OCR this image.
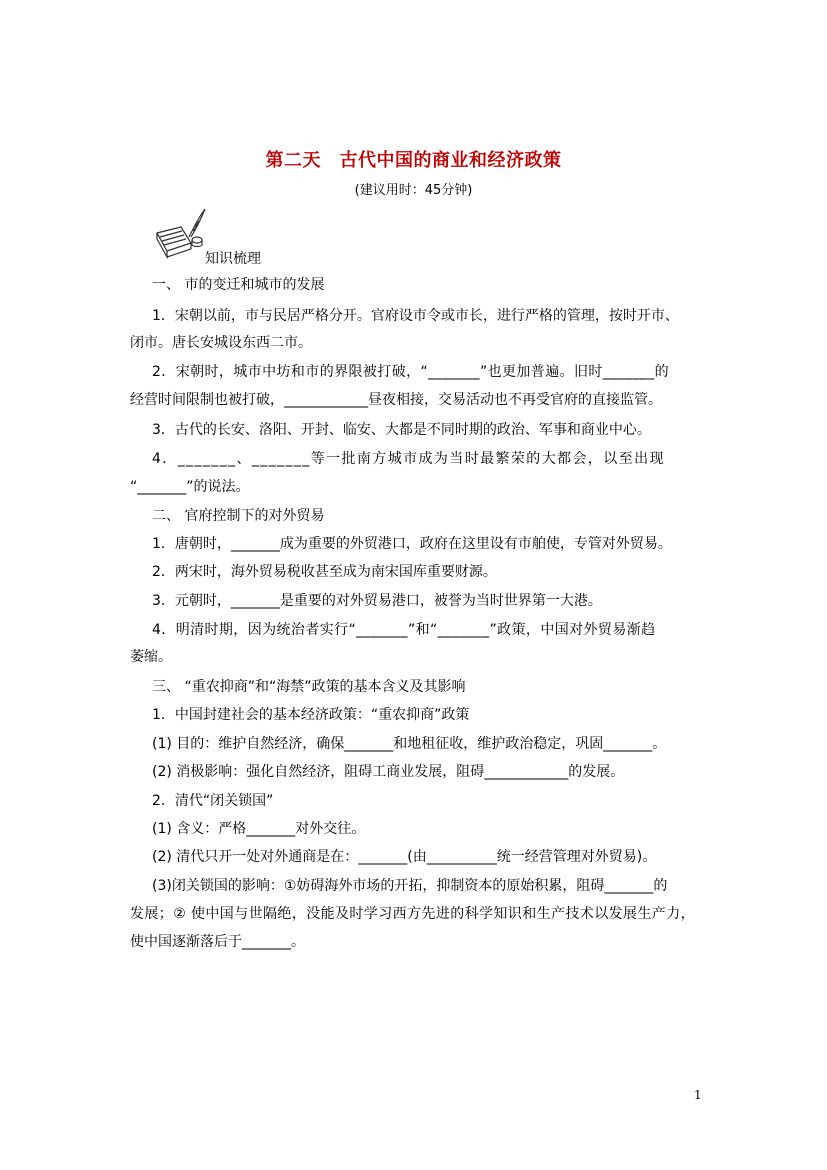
第二天　古代中国的商业和经济政策
(建议用时：45分钟)
知识梳理
一、 市的变迁和城市的发展
1．宋朝以前，市与民居严格分开。官府设市令或市长，进行严格的管理，按时开市、
闭市。唐长安城设东西二市。
2．宋朝时，城市中坊和市的界限被打破，“_______”也更加普遍。旧时_______的
经营时间限制也被打破，____________昼夜相接，交易活动也不再受官府的直接监管。
3．古代的长安、洛阳、开封、临安、大都是不同时期的政治、军事和商业中心。
4．_______、_______等一批南方城市成为当时最繁荣的大都会，以至出现
“_______”的说法。
二、 官府控制下的对外贸易
1．唐朝时，_______成为重要的外贸港口，政府在这里设有市舶使，专管对外贸易。
2．两宋时，海外贸易税收甚至成为南宋国库重要财源。
3．元朝时，_______是重要的对外贸易港口，被誉为当时世界第一大港。
4．明清时期，因为统治者实行“_______”和“_______”政策，中国对外贸易渐趋
萎缩。
三、 “重农抑商”和“海禁”政策的基本含义及其影响
1．中国封建社会的基本经济政策：“重农抑商”政策
(1) 目的：维护自然经济，确保_______和地租征收，维护政治稳定，巩固_______。
(2) 消极影响：强化自然经济，阻碍工商业发展，阻碍____________的发展。
2．清代“闭关锁国”
(1) 含义：严格_______对外交往。
(2) 清代只开一处对外通商是在：_______(由__________统一经营管理对外贸易)。
(3)闭关锁国的影响：①妨碍海外市场的开拓，抑制资本的原始积累，阻碍_______的
发展；② 使中国与世隔绝，没能及时学习西方先进的科学知识和生产技术以发展生产力，
使中国逐渐落后于_______。
1
